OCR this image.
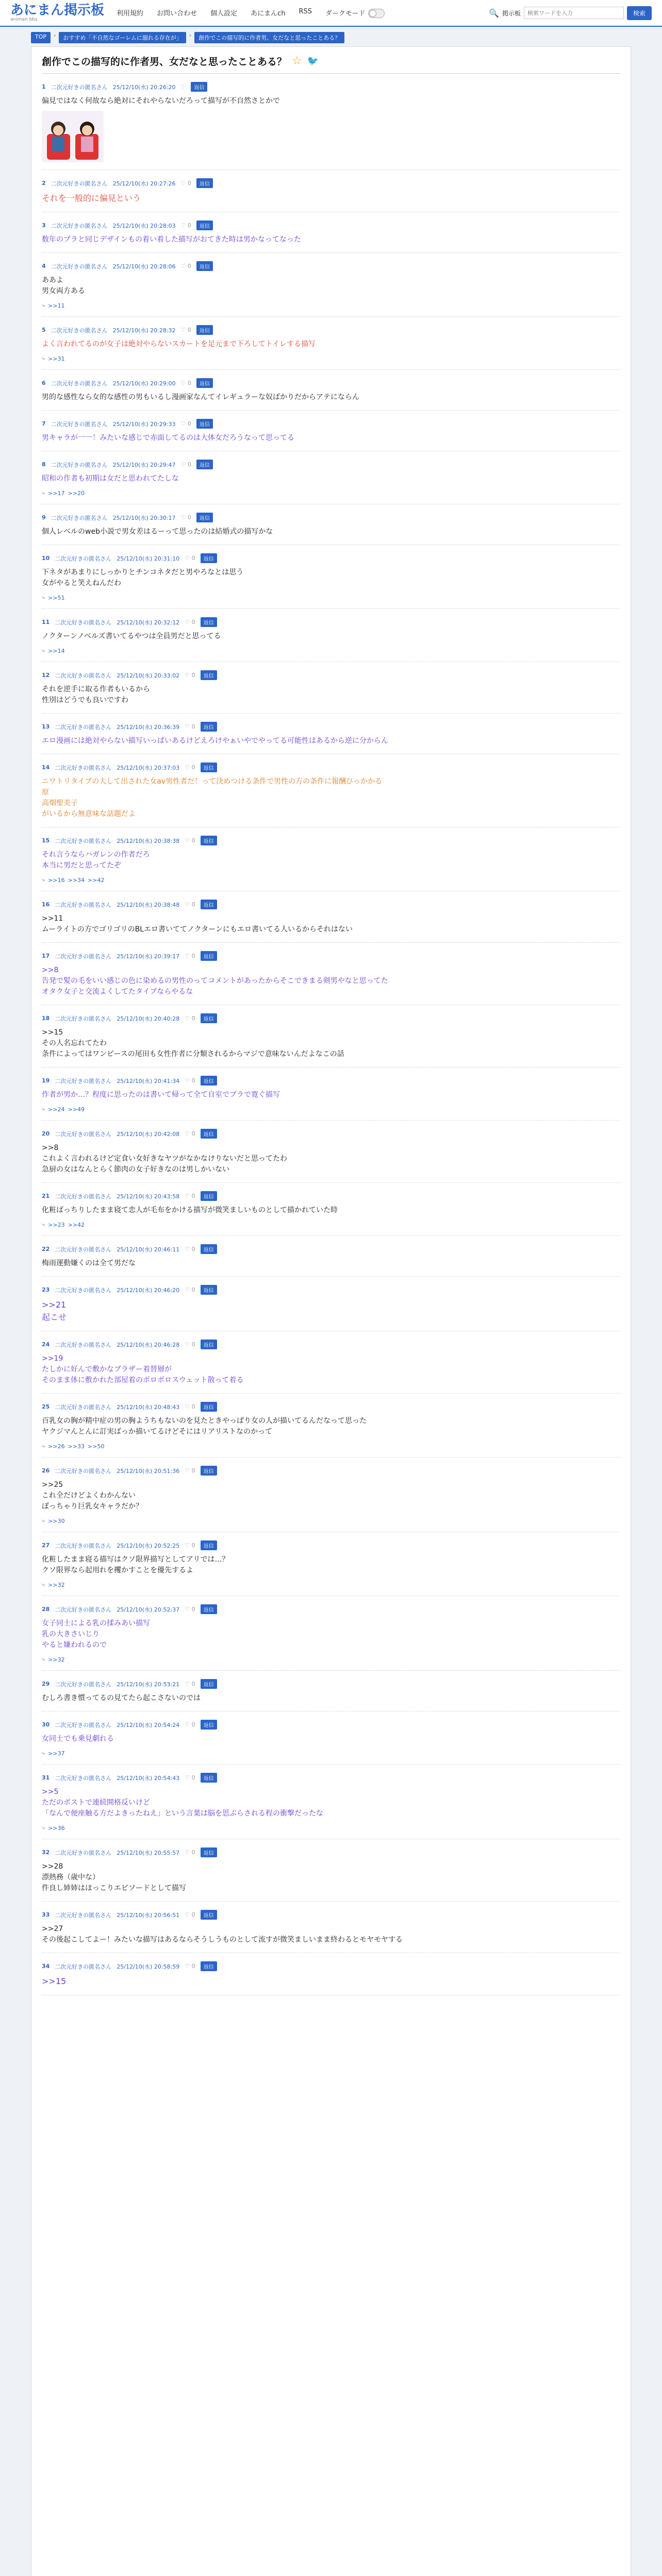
あにまん掲示板
animan bbs
利用規約 お問い合わせ 個人設定 あにまんch RSS ダークモード	🔍 掲示板
検索ワードを入力	検索
TOP	›	おすすめ「不自然なゴーレムに溺れる存在が」	›	創作でこの描写的に作者男、女だなと思ったことある？
創作でこの描写的に作者男、女だなと思ったことある？ ☆ 🐦
1 二次元好きの匿名さん 25/12/10(水) 20:26:20 ♡	返信
偏見ではなく何故なら絶対にそれやらないだろって描写が不自然さとかで
2 二次元好きの匿名さん 25/12/10(水) 20:27:26 ♡ 0	返信
それを一般的に偏見という
3 二次元好きの匿名さん 25/12/10(水) 20:28:03 ♡ 0	返信
数年のブラと同じデザインもの着い着した描写がおてきた時は男かなってなった
4 二次元好きの匿名さん 25/12/10(水) 20:28:06 ♡ 0	返信
ああよ
男女両方ある
⤷ >>11
5 二次元好きの匿名さん 25/12/10(水) 20:28:32 ♡ 0	返信
よく言われてるのが女子は絶対やらないスカートを足元まで下ろしてトイレする描写
⤷ >>31
6 二次元好きの匿名さん 25/12/10(水) 20:29:00 ♡ 0	返信
男的な感性なら女的な感性の男もいるし漫画家なんてイレギュラーな奴ばかりだからアテにならん
7 二次元好きの匿名さん 25/12/10(水) 20:29:33 ♡ 0	返信
男キャラが一一！みたいな感じで赤面してるのは大体女だろうなって思ってる
8 二次元好きの匿名さん 25/12/10(水) 20:29:47 ♡ 0	返信
昭和の作者も初期は女だと思われてたしな
⤷ >>17 >>20
9 二次元好きの匿名さん 25/12/10(水) 20:30:17 ♡ 0	返信
個人レベルのweb小説で男女差はるーって思ったのは結婚式の描写かな
10 二次元好きの匿名さん 25/12/10(水) 20:31:10 ♡ 0	返信
下ネタがあまりにしっかりとチンコネタだと男やろなとは思う
女がやると笑えねんだわ
⤷ >>51
11 二次元好きの匿名さん 25/12/10(水) 20:32:12 ♡ 0	返信
ノクターンノベルズ書いてるやつは全員男だと思ってる
⤷ >>14
12 二次元好きの匿名さん 25/12/10(水) 20:33:02 ♡ 0	返信
それを逆手に取る作者もいるから
性別はどうでも良いですわ
13 二次元好きの匿名さん 25/12/10(水) 20:36:39 ♡ 0	返信
エロ漫画には絶対やらない描写いっぱいあるけどえろけやぁいやでやってる可能性はあるから逆に分からん
14 二次元好きの匿名さん 25/12/10(水) 20:37:03 ♡ 0	返信
ニワトリタイプの大して出された女av男性者だ！って決めつける条件で男性の方の条件に報酬ひっかかる
原
高畑聖美子
がいるから無意味な話題だよ
15 二次元好きの匿名さん 25/12/10(水) 20:38:38 ♡ 0	返信
それ言うならハガレンの作者だろ
本当に男だと思ってたぞ
⤷ >>16 >>34 >>42
16 二次元好きの匿名さん 25/12/10(水) 20:38:48 ♡ 0	返信
>>11
ムーライトの方でゴリゴリのBLエロ書いててノクターンにもエロ書いてる人いるからそれはない
17 二次元好きの匿名さん 25/12/10(水) 20:39:17 ♡ 0	返信
>>8
告発で髪の毛をいい感じの色に染めるの男性のってコメントがあったからそこできまる剣男やなと思ってた
オタク女子と交流よくしてたタイプならやるな
18 二次元好きの匿名さん 25/12/10(水) 20:40:28 ♡ 0	返信
>>15
その人名忘れてたわ
条件によってはワンピースの尾田も女性作者に分類されるからマジで意味ないんだよなこの話
19 二次元好きの匿名さん 25/12/10(水) 20:41:34 ♡ 0	返信
作者が男か…？程度に思ったのは書いて帰って全て自室でブラで寛ぐ描写
⤷ >>24 >>49
20 二次元好きの匿名さん 25/12/10(水) 20:42:08 ♡ 0	返信
>>8
これよく言われるけど定食い女好きなヤツがなかなけりないだと思ってたわ
急厨の女はなんとらく節肉の女子好きなのは男しかいない
21 二次元好きの匿名さん 25/12/10(水) 20:43:58 ♡ 0	返信
化粧ばっちりしたまま寝て恋人が毛布をかける描写が微笑ましいものとして描かれていた時
⤷ >>23 >>42
22 二次元好きの匿名さん 25/12/10(水) 20:46:11 ♡ 0	返信
梅雨運動嫌くのは全て男だな
23 二次元好きの匿名さん 25/12/10(水) 20:46:20 ♡ 0	返信
>>21
起こせ
24 二次元好きの匿名さん 25/12/10(水) 20:46:28 ♡ 0	返信
>>19
たしかに好んで敷かなブラザー着替層が
そのまま体に敷かれた部屋着のポロポロスウェット散って着る
25 二次元好きの匿名さん 25/12/10(水) 20:48:43 ♡ 0	返信
百乳女の胸が精中症の男の胸ようちもないのを見たときやっぱり女の人が描いてるんだなって思った
ヤクジマんとんに訂実ばっか描いてるけどそにはリアリストなのかって
⤷ >>26 >>33 >>50
26 二次元好きの匿名さん 25/12/10(水) 20:51:36 ♡ 0	返信
>>25
これ全だけどよくわかんない
ぽっちゃり巨乳女キャラだか？
⤷ >>30
27 二次元好きの匿名さん 25/12/10(水) 20:52:25 ♡ 0	返信
化粧したまま寝る描写はクソ限界描写としてアリでは…？
クソ限界なら起用れを攫かすことを優先するよ
⤷ >>32
28 二次元好きの匿名さん 25/12/10(水) 20:52:37 ♡ 0	返信
女子同士による乳の揉みあい描写
乳の大きさいじり
やると嫌われるので
⤷ >>32
29 二次元好きの匿名さん 25/12/10(水) 20:53:21 ♡ 0	返信
むしろ書き慣ってるの見てたら起こさないのでは
30 二次元好きの匿名さん 25/12/10(水) 20:54:24 ♡ 0	返信
女同士でも乗見劇れる
⤷ >>37
31 二次元好きの匿名さん 25/12/10(水) 20:54:43 ♡ 0	返信
>>5
ただのポストで連続開格反いけど
「なんで便座触る方だよきったねえ」という言葉は脳を思ぶらされる程の衝撃だったな
⤷ >>36
32 二次元好きの匿名さん 25/12/10(水) 20:55:57 ♡ 0	返信
>>28
漂熱務（歳中な）
件良し姉姉はほっこりエピソードとして描写
33 二次元好きの匿名さん 25/12/10(水) 20:56:51 ♡ 0	返信
>>27
その後起こしてよー！みたいな描写はあるならそうしうものとして流すが微笑ましいまま終わるとモヤモヤする
34 二次元好きの匿名さん 25/12/10(水) 20:58:59 ♡ 0	返信
>>15
